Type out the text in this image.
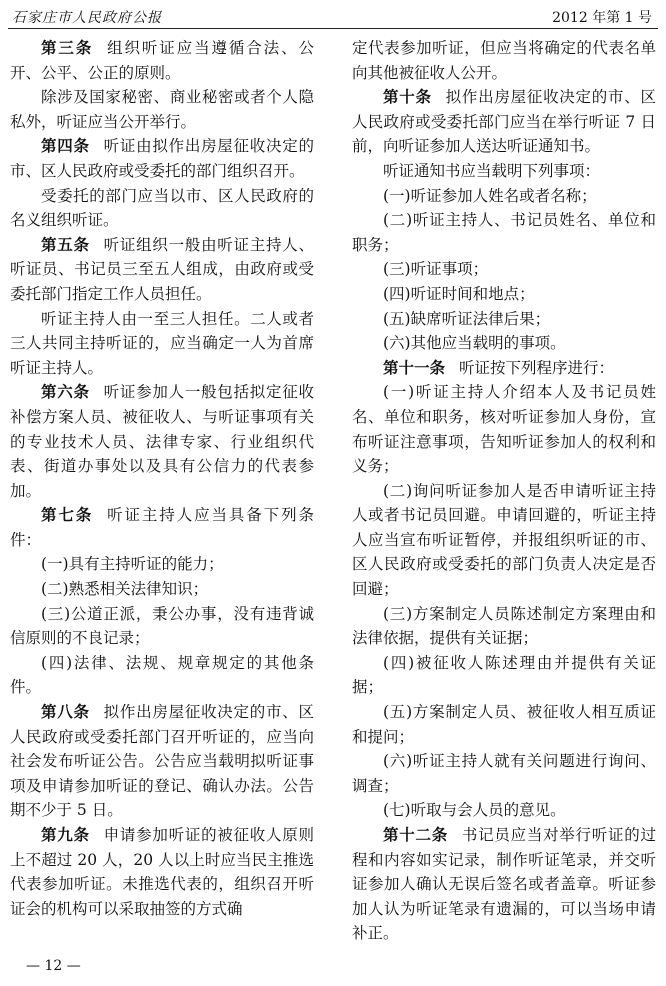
石家庄市人民政府公报	2012 年第 1 号

第三条 组织听证应当遵循合法、公开、公平、公正的原则。

除涉及国家秘密、商业秘密或者个人隐私外，听证应当公开举行。

第四条 听证由拟作出房屋征收决定的市、区人民政府或受委托的部门组织召开。

受委托的部门应当以市、区人民政府的名义组织听证。

第五条 听证组织一般由听证主持人、听证员、书记员三至五人组成，由政府或受委托部门指定工作人员担任。

听证主持人由一至三人担任。二人或者三人共同主持听证的，应当确定一人为首席听证主持人。

第六条 听证参加人一般包括拟定征收补偿方案人员、被征收人、与听证事项有关的专业技术人员、法律专家、行业组织代表、街道办事处以及具有公信力的代表参加。

第七条 听证主持人应当具备下列条件：

(一)具有主持听证的能力；

(二)熟悉相关法律知识；

(三)公道正派，秉公办事，没有违背诚信原则的不良记录；

(四)法律、法规、规章规定的其他条件。

第八条 拟作出房屋征收决定的市、区人民政府或受委托部门召开听证的，应当向社会发布听证公告。公告应当载明拟听证事项及申请参加听证的登记、确认办法。公告期不少于 5 日。

第九条 申请参加听证的被征收人原则上不超过 20 人，20 人以上时应当民主推选代表参加听证。未推选代表的，组织召开听证会的机构可以采取抽签的方式确

定代表参加听证，但应当将确定的代表名单向其他被征收人公开。

第十条 拟作出房屋征收决定的市、区人民政府或受委托部门应当在举行听证 7 日前，向听证参加人送达听证通知书。

听证通知书应当载明下列事项：

(一)听证参加人姓名或者名称；

(二)听证主持人、书记员姓名、单位和职务；

(三)听证事项；

(四)听证时间和地点；

(五)缺席听证法律后果；

(六)其他应当载明的事项。

第十一条 听证按下列程序进行：

(一)听证主持人介绍本人及书记员姓名、单位和职务，核对听证参加人身份，宣布听证注意事项，告知听证参加人的权利和义务；

(二)询问听证参加人是否申请听证主持人或者书记员回避。申请回避的，听证主持人应当宣布听证暂停，并报组织听证的市、区人民政府或受委托的部门负责人决定是否回避；

(三)方案制定人员陈述制定方案理由和法律依据，提供有关证据；

(四)被征收人陈述理由并提供有关证据；

(五)方案制定人员、被征收人相互质证和提问；

(六)听证主持人就有关问题进行询问、调查；

(七)听取与会人员的意见。

第十二条 书记员应当对举行听证的过程和内容如实记录，制作听证笔录，并交听证参加人确认无误后签名或者盖章。听证参加人认为听证笔录有遗漏的，可以当场申请补正。

— 12 —
